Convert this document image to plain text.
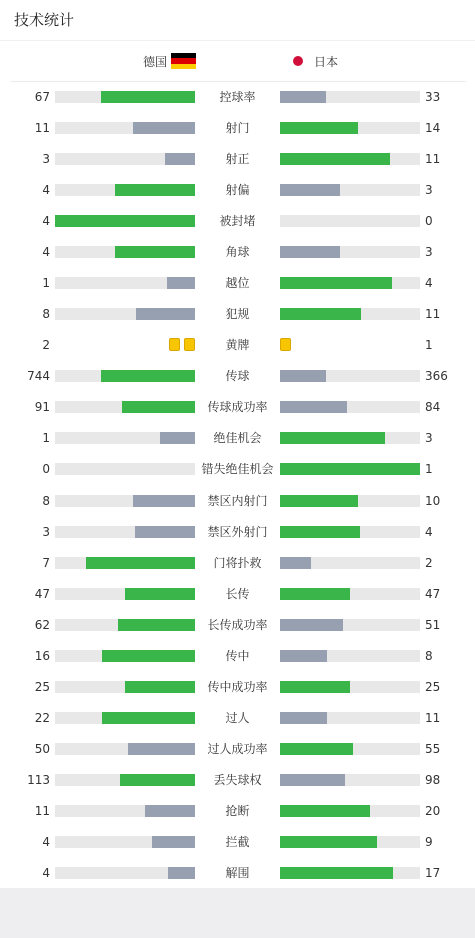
技术统计
德国	日本
67	控球率	33
11	射门	14
3	射正	11
4	射偏	3
4	被封堵	0
4	角球	3
1	越位	4
8	犯规	11
2	黄牌	1
744	传球	366
91	传球成功率	84
1	绝佳机会	3
0	错失绝佳机会	1
8	禁区内射门	10
3	禁区外射门	4
7	门将扑救	2
47	长传	47
62	长传成功率	51
16	传中	8
25	传中成功率	25
22	过人	11
50	过人成功率	55
113	丢失球权	98
11	抢断	20
4	拦截	9
4	解围	17
